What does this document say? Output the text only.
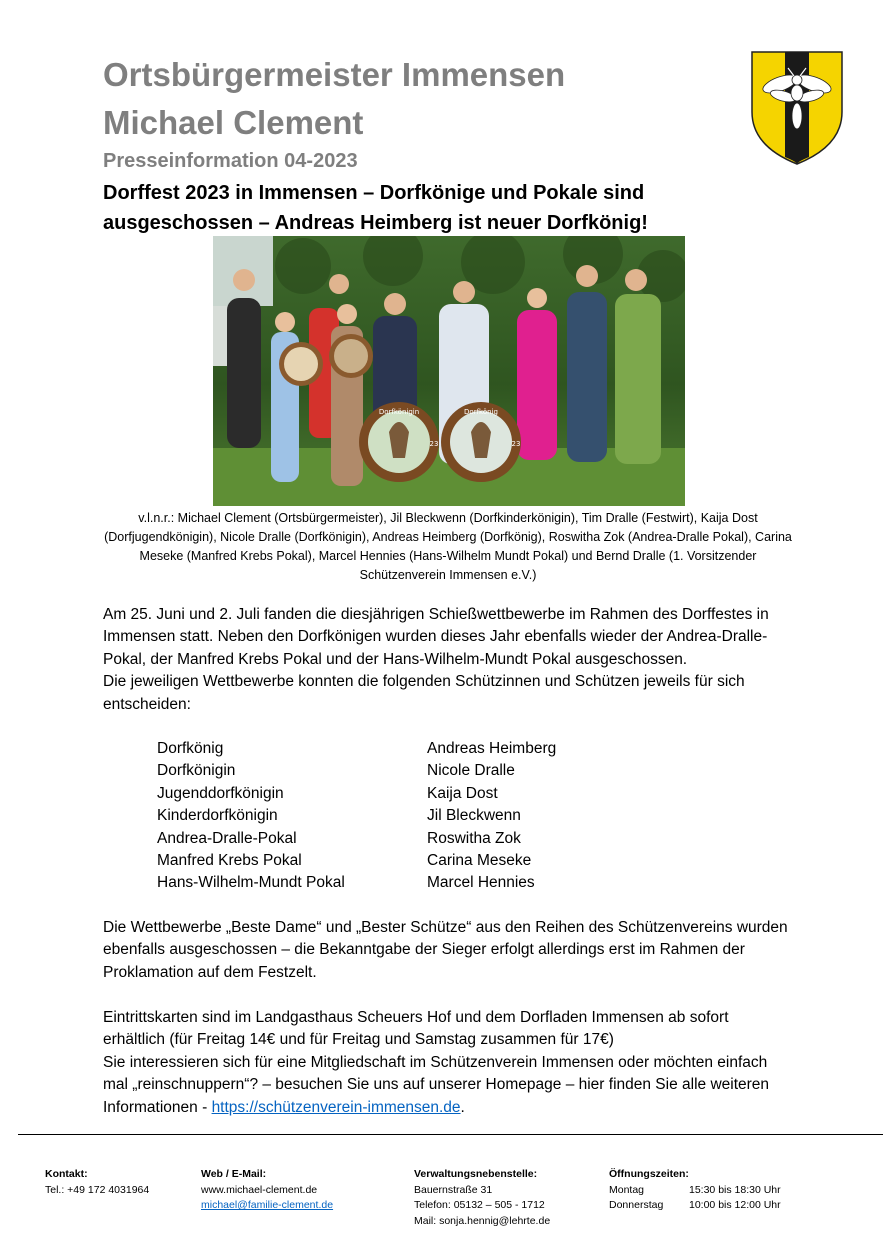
Ortsbürgermeister Immensen
Michael Clement
Presseinformation 04-2023
Dorffest 2023 in Immensen – Dorfkönige und Pokale sind ausgeschossen – Andreas Heimberg ist neuer Dorfkönig!
Dorfkönigin	Dorfkönig
23	23
v.l.n.r.: Michael Clement (Ortsbürgermeister), Jil Bleckwenn (Dorfkinderkönigin), Tim Dralle (Festwirt), Kaija Dost (Dorfjugendkönigin), Nicole Dralle (Dorfkönigin), Andreas Heimberg (Dorfkönig), Roswitha Zok (Andrea-Dralle Pokal), Carina Meseke (Manfred Krebs Pokal), Marcel Hennies (Hans-Wilhelm Mundt Pokal) und Bernd Dralle (1. Vorsitzender Schützenverein Immensen e.V.)
Am 25. Juni und 2. Juli fanden die diesjährigen Schießwettbewerbe im Rahmen des Dorffestes in Immensen statt. Neben den Dorfkönigen wurden dieses Jahr ebenfalls wieder der Andrea-Dralle-Pokal, der Manfred Krebs Pokal und der Hans-Wilhelm-Mundt Pokal ausgeschossen.
Die jeweiligen Wettbewerbe konnten die folgenden Schützinnen und Schützen jeweils für sich entscheiden:
Dorfkönig	Andreas Heimberg
Dorfkönigin	Nicole Dralle
Jugenddorfkönigin	Kaija Dost
Kinderdorfkönigin	Jil Bleckwenn
Andrea-Dralle-Pokal	Roswitha Zok
Manfred Krebs Pokal	Carina Meseke
Hans-Wilhelm-Mundt Pokal	Marcel Hennies
Die Wettbewerbe „Beste Dame“ und „Bester Schütze“ aus den Reihen des Schützenvereins wurden ebenfalls ausgeschossen – die Bekanntgabe der Sieger erfolgt allerdings erst im Rahmen der Proklamation auf dem Festzelt.
Eintrittskarten sind im Landgasthaus Scheuers Hof und dem Dorfladen Immensen ab sofort erhältlich (für Freitag 14€ und für Freitag und Samstag zusammen für 17€)
Sie interessieren sich für eine Mitgliedschaft im Schützenverein Immensen oder möchten einfach mal „reinschnuppern“? – besuchen Sie uns auf unserer Homepage – hier finden Sie alle weiteren Informationen - https://schützenverein-immensen.de.
Kontakt:
Tel.: +49 172 4031964
Web / E-Mail:
www.michael-clement.de
michael@familie-clement.de
Verwaltungsnebenstelle:
Bauernstraße 31
Telefon: 05132 – 505 - 1712
Mail: sonja.hennig@lehrte.de
Öffnungszeiten:
Montag	15:30 bis 18:30 Uhr
Donnerstag	10:00 bis 12:00 Uhr
